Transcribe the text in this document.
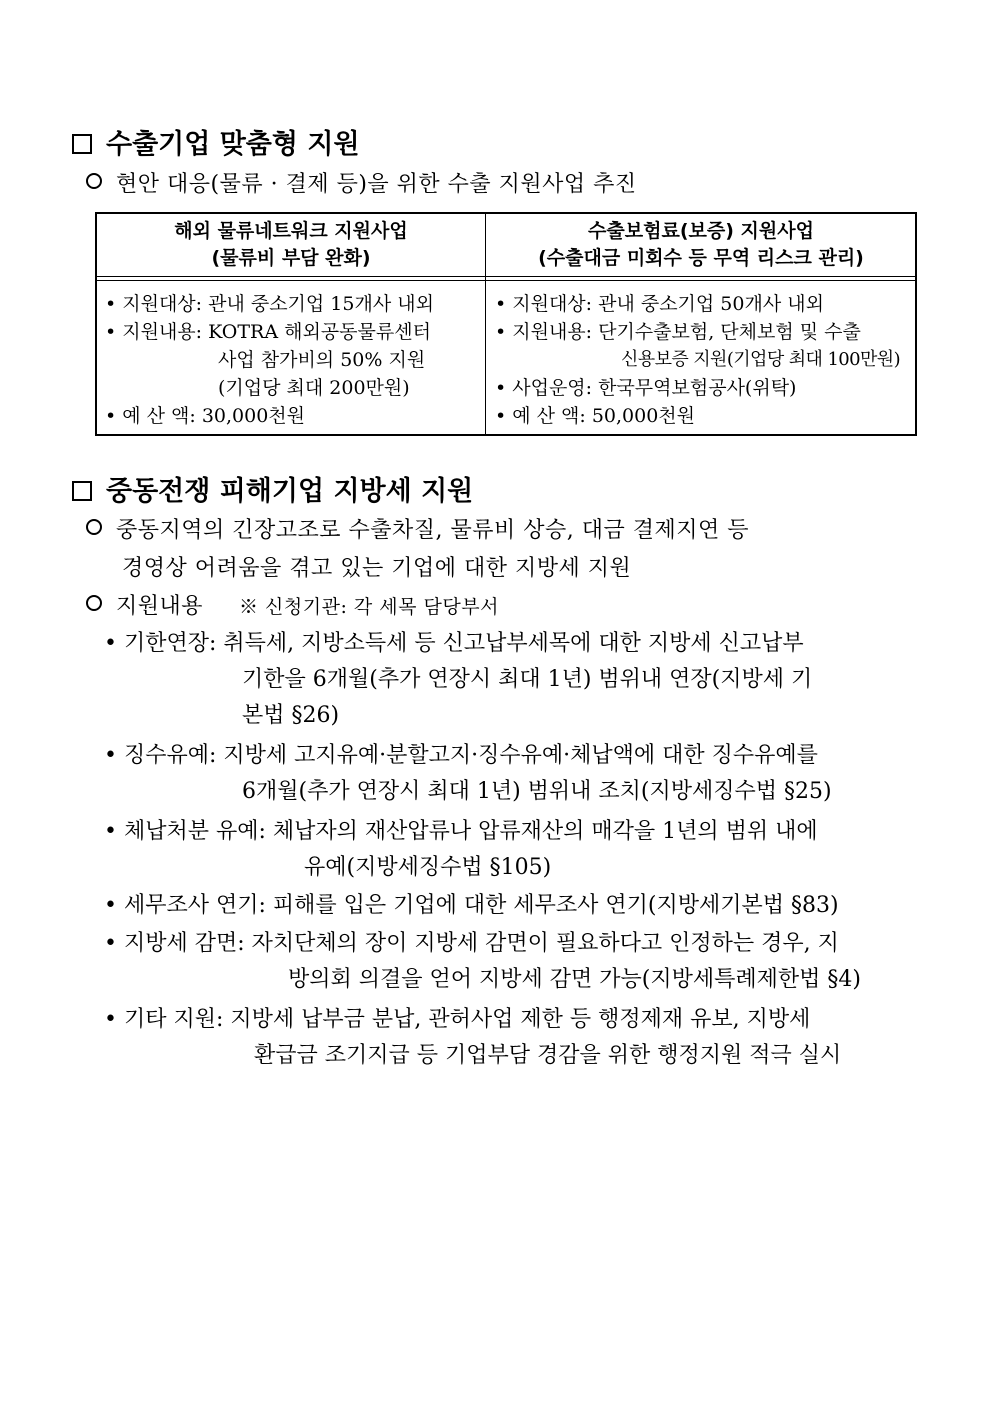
수출기업 맞춤형 지원
현안 대응(물류 · 결제 등)을 위한 수출 지원사업 추진
해외 물류네트워크 지원사업
(물류비 부담 완화)
수출보험료(보증) 지원사업
(수출대금 미회수 등 무역 리스크 관리)
• 지원대상: 관내 중소기업 15개사 내외
• 지원내용: KOTRA 해외공동물류센터
사업 참가비의 50% 지원
(기업당 최대 200만원)
• 예 산 액: 30,000천원
• 지원대상: 관내 중소기업 50개사 내외
• 지원내용: 단기수출보험, 단체보험 및 수출
신용보증 지원(기업당 최대 100만원)
• 사업운영: 한국무역보험공사(위탁)
• 예 산 액: 50,000천원
중동전쟁 피해기업 지방세 지원
중동지역의 긴장고조로 수출차질, 물류비 상승, 대금 결제지연 등
경영상 어려움을 겪고 있는 기업에 대한 지방세 지원
지원내용 ※ 신청기관: 각 세목 담당부서
• 기한연장: 취득세, 지방소득세 등 신고납부세목에 대한 지방세 신고납부
기한을 6개월(추가 연장시 최대 1년) 범위내 연장(지방세 기
본법 §26)
• 징수유예: 지방세 고지유예·분할고지·징수유예·체납액에 대한 징수유예를
6개월(추가 연장시 최대 1년) 범위내 조치(지방세징수법 §25)
• 체납처분 유예: 체납자의 재산압류나 압류재산의 매각을 1년의 범위 내에
유예(지방세징수법 §105)
• 세무조사 연기: 피해를 입은 기업에 대한 세무조사 연기(지방세기본법 §83)
• 지방세 감면: 자치단체의 장이 지방세 감면이 필요하다고 인정하는 경우, 지
방의회 의결을 얻어 지방세 감면 가능(지방세특례제한법 §4)
• 기타 지원: 지방세 납부금 분납, 관허사업 제한 등 행정제재 유보, 지방세
환급금 조기지급 등 기업부담 경감을 위한 행정지원 적극 실시
